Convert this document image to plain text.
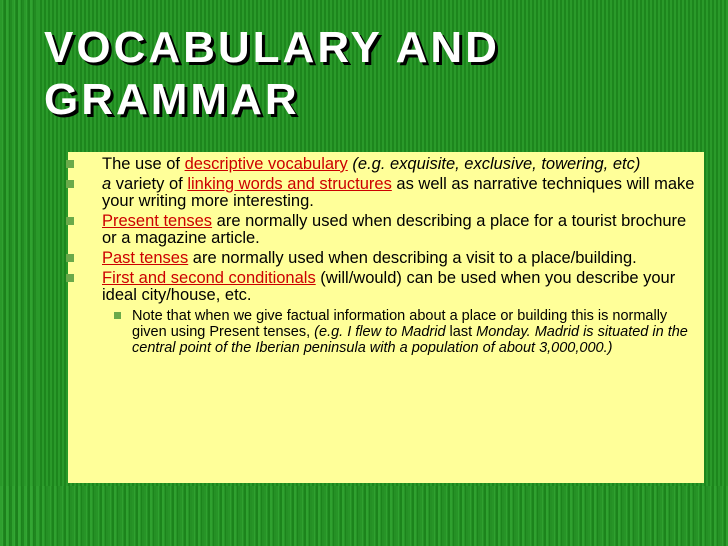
VOCABULARY AND
GRAMMAR
The use of descriptive vocabulary (e.g. exquisite, exclusive, towering, etc)
a variety of linking words and structures as well as narrative techniques will make your writing more interesting.
Present tenses are normally used when describing a place for a tourist brochure or a magazine article.
Past tenses are normally used when describing a visit to a place/building.
First and second conditionals (will/would) can be used when you describe your ideal city/house, etc.
Note that when we give factual information about a place or building this is normally given using Present tenses, (e.g. I flew to Madrid last Monday. Madrid is situated in the central point of the Iberian peninsula with a population of about 3,000,000.)
